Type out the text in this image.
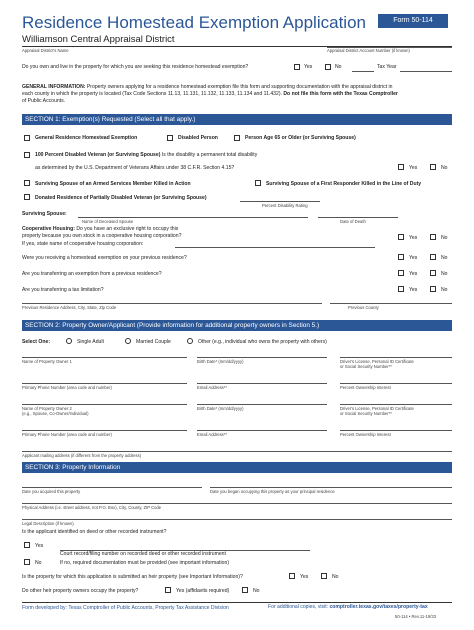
Residence Homestead Exemption Application	Form 50-114
Williamson Central Appraisal District
Appraisal District's Name	Appraisal District Account Number (if known)
Do you own and live in the property for which you are seeking this residence homestead exemption?	Yes	No	Tax Year
GENERAL INFORMATION: Property owners applying for a residence homestead exemption file this form and supporting documentation with the appraisal district in
each county in which the property is located (Tax Code Sections 11.13, 11.131, 11.132, 11.133, 11.134 and 11.432). Do not file this form with the Texas Comptroller
of Public Accounts.
SECTION 1: Exemption(s) Requested (Select all that apply.)
General Residence Homestead Exemption	Disabled Person	Person Age 65 or Older (or Surviving Spouse)
100 Percent Disabled Veteran (or Surviving Spouse) Is the disability a permanent total disability
as determined by the U.S. Department of Veterans Affairs under 38 C.F.R. Section 4.15?	Yes	No
Surviving Spouse of an Armed Services Member Killed in Action	Surviving Spouse of a First Responder Killed in the Line of Duty
Donated Residence of Partially Disabled Veteran (or Surviving Spouse)
Percent Disability Rating
Surviving Spouse:
Name of Deceased Spouse	Date of Death
Cooperative Housing: Do you have an exclusive right to occupy this
property because you own stock in a cooperative housing corporation?	Yes	No
If yes, state name of cooperative housing corporation:
Were you receiving a homestead exemption on your previous residence?	Yes	No
Are you transferring an exemption from a previous residence?	Yes	No
Are you transferring a tax limitation?	Yes	No
Previous Residence Address, City, State, Zip Code	Previous County
SECTION 2: Property Owner/Applicant (Provide information for additional property owners in Section 5.)
Select One:	Single Adult	Married Couple	Other (e.g., individual who owns the property with others)
Name of Property Owner 1	Birth Date* (mm/dd/yyyy)	Driver's License, Personal ID Certificate
or Social Security Number**
Primary Phone Number (area code and number)	Email Address**	Percent Ownership Interest
Name of Property Owner 2
(e.g., Spouse, Co-Owner/Individual)
Birth Date* (mm/dd/yyyy)	Driver's License, Personal ID Certificate
or Social Security Number**
Primary Phone Number (area code and number)	Email Address**	Percent Ownership Interest
Applicant mailing address (if different from the property address)
SECTION 3: Property Information
Date you acquired this property	Date you began occupying this property as your principal residence
Physical Address (i.e. street address, not P.O. Box), City, County, ZIP Code
Legal Description (if known)
Is the applicant identified on deed or other recorded instrument?
Yes
Court record/filing number on recorded deed or other recorded instrument
No	If no, required documentation must be provided (see important information)
Is the property for which this application is submitted an heir property (see Important Information)?	Yes	No
Do other heir property owners occupy the property?	Yes (affidavits required)	No
Form developed by: Texas Comptroller of Public Accounts, Property Tax Assistance Division	For additional copies, visit: comptroller.texas.gov/taxes/property-tax
50-114 • Rev.11-19/33
